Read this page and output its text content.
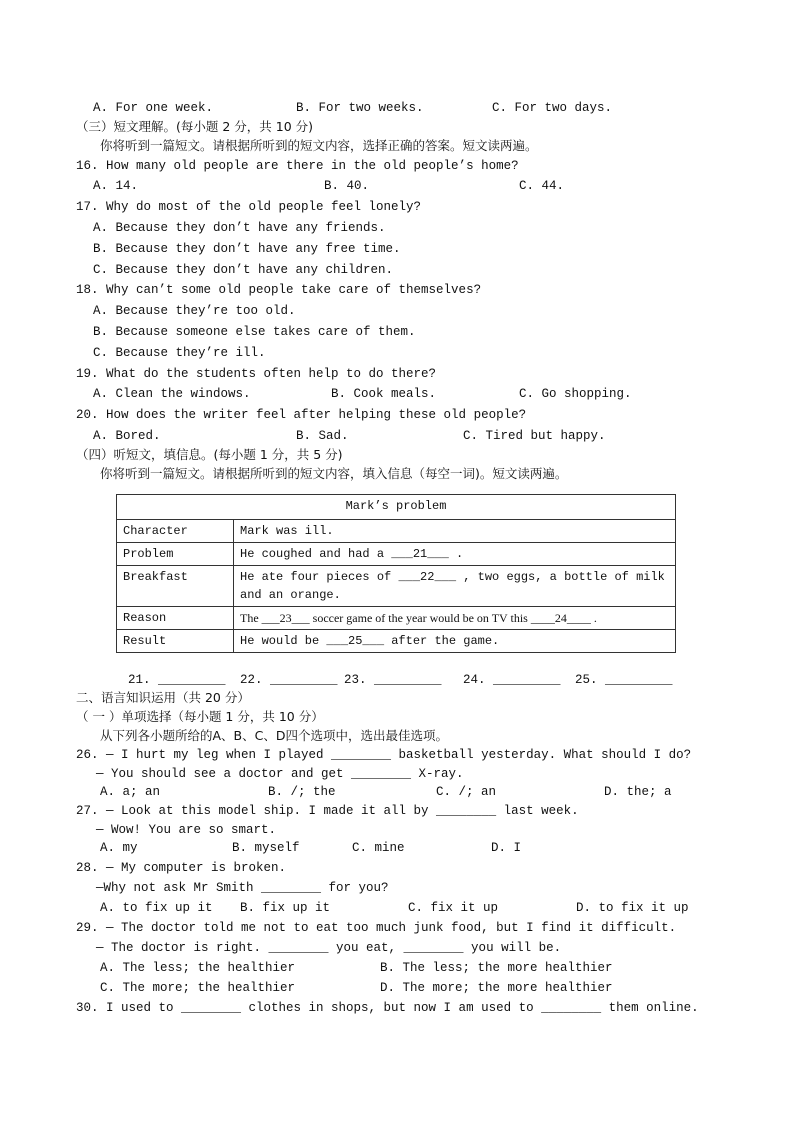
A. For one week.	B. For two weeks.	C. For two days.
（三）短文理解。(每小题 2 分，共 10 分)
你将听到一篇短文。请根据所听到的短文内容，选择正确的答案。短文读两遍。
16. How many old people are there in the old people’s home?
A. 14.	B. 40.	C. 44.
17. Why do most of the old people feel lonely?
A. Because they don’t have any friends.
B. Because they don’t have any free time.
C. Because they don’t have any children.
18. Why can’t some old people take care of themselves?
A. Because they’re too old.
B. Because someone else takes care of them.
C. Because they’re ill.
19. What do the students often help to do there?
A. Clean the windows.	B. Cook meals.	C. Go shopping.
20. How does the writer feel after helping these old people?
A. Bored.	B. Sad.	C. Tired but happy.
（四）听短文，填信息。(每小题 1 分，共 5 分)
你将听到一篇短文。请根据所听到的短文内容，填入信息（每空一词)。短文读两遍。
Mark’s problem	
Character	Mark was ill.
Problem	He coughed and had a ___21___ .
Breakfast	He ate four pieces of ___22___ , two eggs, a bottle of milk and an orange.
Reason	The ___23___ soccer game of the year would be on TV this ____24____ .
Result	He would be ___25___ after the game.
21. _________ 22. _________ 23. _________ 24. _________ 25. _________
二、语言知识运用（共 20 分）
（ 一 ）单项选择（每小题 1 分，共 10 分）
从下列各小题所给的A、B、C、D四个选项中，选出最佳选项。
26. — I hurt my leg when I played ________ basketball yesterday. What should I do?
— You should see a doctor and get ________ X-ray.
A. a; an	B. /; the	C. /; an	D. the; a
27. — Look at this model ship. I made it all by ________ last week.
— Wow! You are so smart.
A. my	B. myself	C. mine	D. I
28. — My computer is broken.
—Why not ask Mr Smith ________ for you?
A. to fix up it B. fix up it	C. fix it up	D. to fix it up
29. — The doctor told me not to eat too much junk food, but I find it difficult.
— The doctor is right. ________ you eat, ________ you will be.
A. The less; the healthier	B. The less; the more healthier
C. The more; the healthier	D. The more; the more healthier
30. I used to ________ clothes in shops, but now I am used to ________ them online.
